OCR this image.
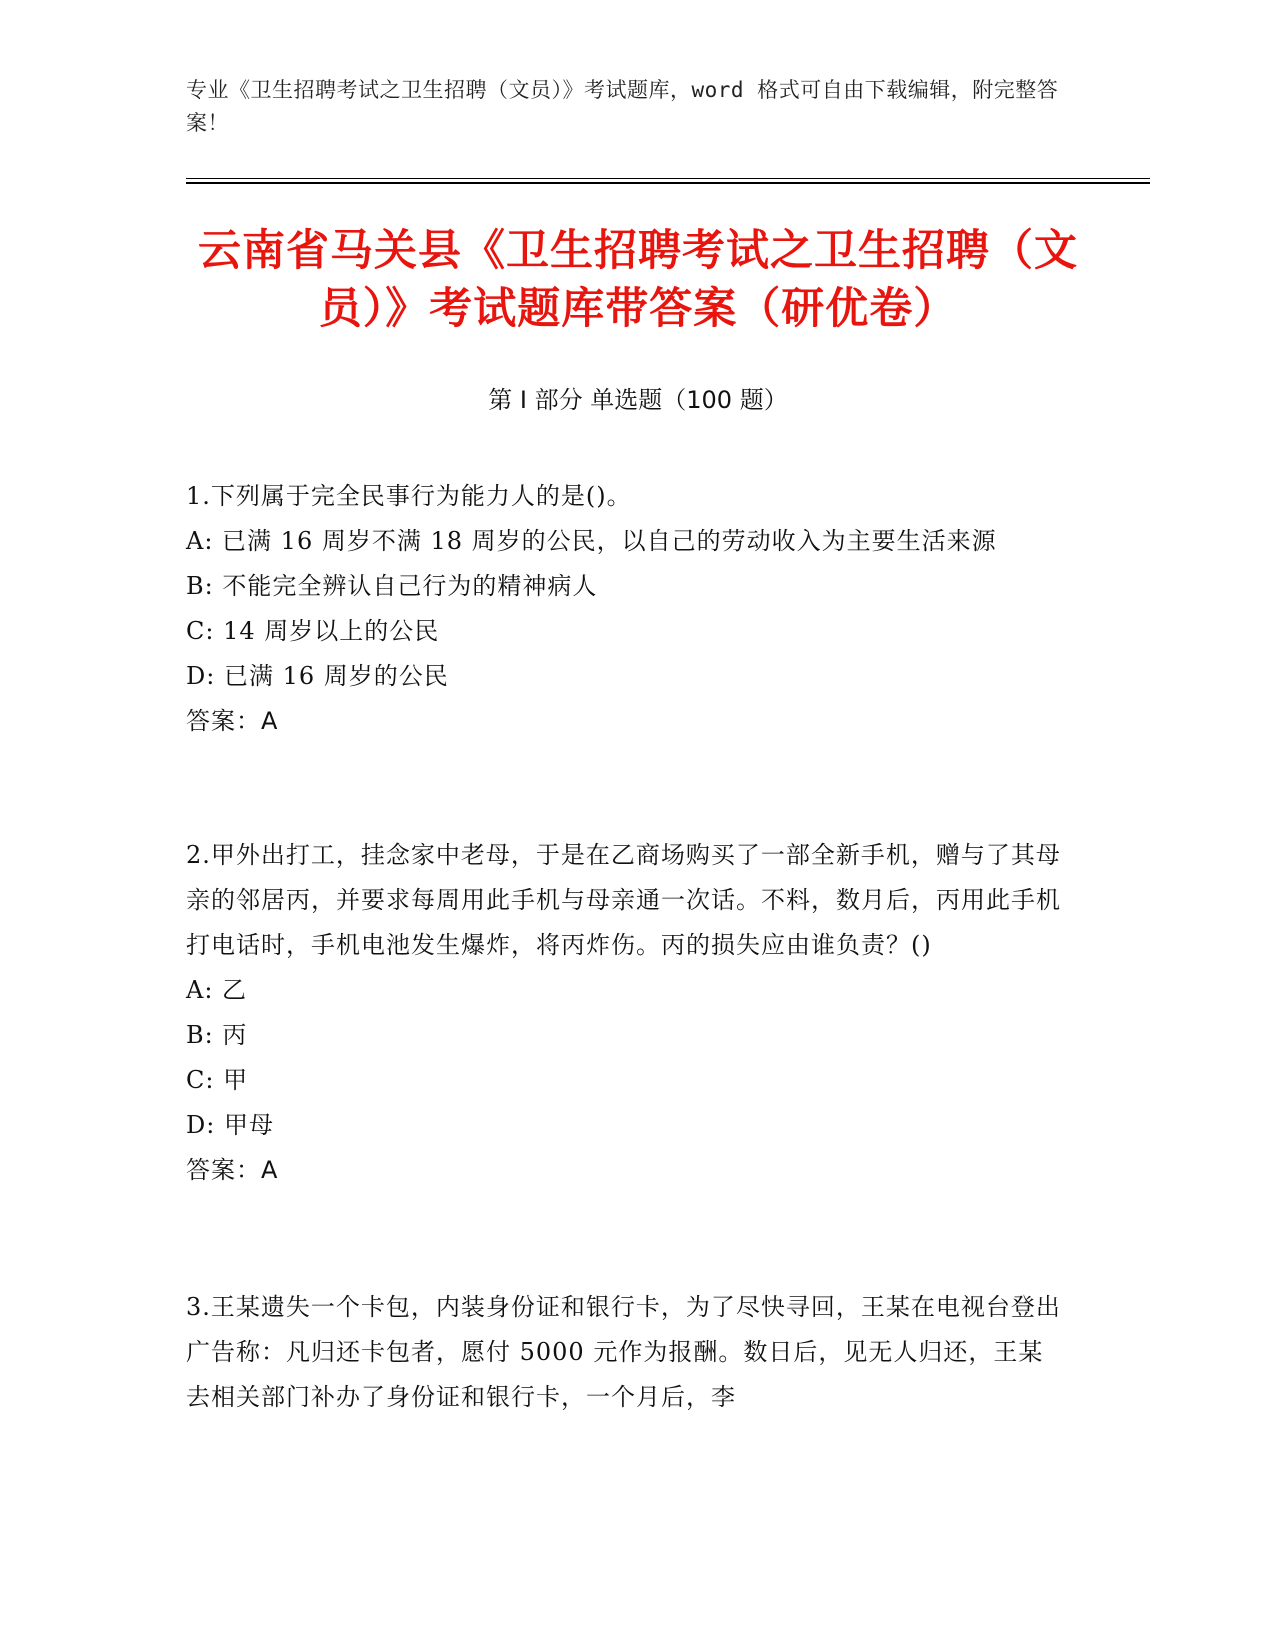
专业《卫生招聘考试之卫生招聘（文员）》考试题库，word 格式可自由下载编辑，附完整答案！
云南省马关县《卫生招聘考试之卫生招聘（文员）》考试题库带答案（研优卷）
第 I 部分 单选题（100 题）
1.下列属于完全民事行为能力人的是()。
A: 已满 16 周岁不满 18 周岁的公民，以自己的劳动收入为主要生活来源
B: 不能完全辨认自己行为的精神病人
C: 14 周岁以上的公民
D: 已满 16 周岁的公民
答案：A
2.甲外出打工，挂念家中老母，于是在乙商场购买了一部全新手机，赠与了其母亲的邻居丙，并要求每周用此手机与母亲通一次话。不料，数月后，丙用此手机打电话时，手机电池发生爆炸，将丙炸伤。丙的损失应由谁负责？()
A: 乙
B: 丙
C: 甲
D: 甲母
答案：A
3.王某遗失一个卡包，内装身份证和银行卡，为了尽快寻回，王某在电视台登出广告称：凡归还卡包者，愿付 5000 元作为报酬。数日后，见无人归还，王某去相关部门补办了身份证和银行卡，一个月后，李
